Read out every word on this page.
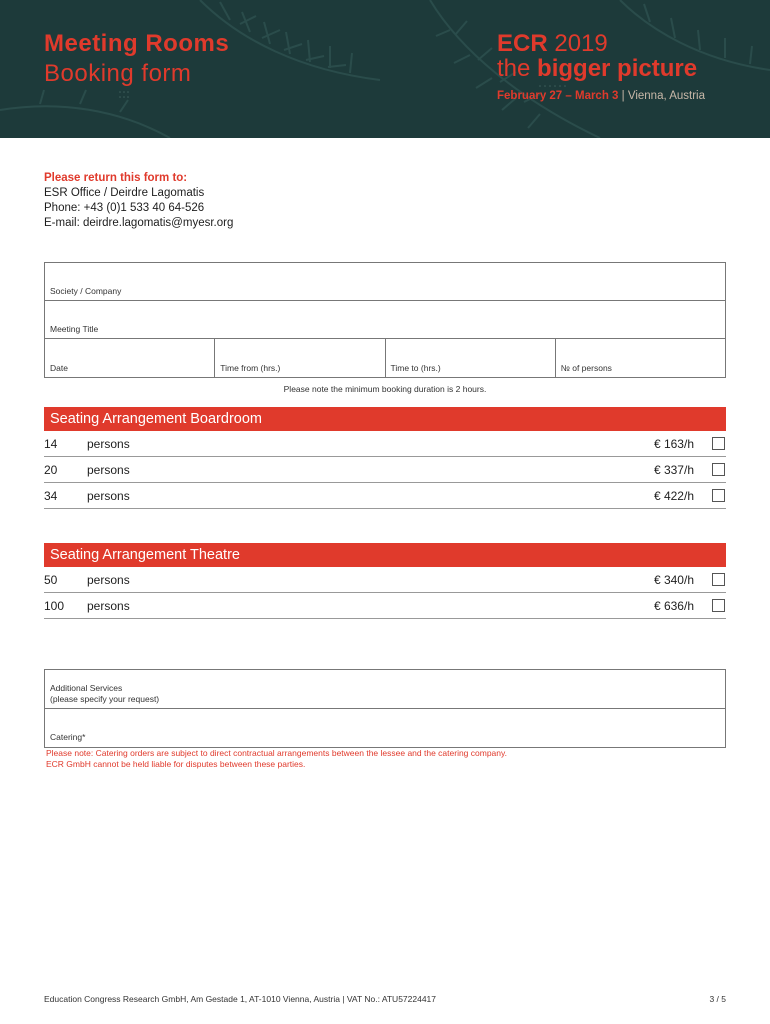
Meeting Rooms
Booking form
ECR 2019
the bigger picture
February 27 – March 3 | Vienna, Austria
Please return this form to:
ESR Office / Deirdre Lagomatis
Phone: +43 (0)1 533 40 64-526
E-mail: deirdre.lagomatis@myesr.org
Society / Company
Meeting Title
Date	Time from (hrs.)	Time to (hrs.)	№ of persons
Please note the minimum booking duration is 2 hours.
Seating Arrangement Boardroom
14 persons	€ 163/h
20 persons	€ 337/h
34 persons	€ 422/h
Seating Arrangement Theatre
50 persons	€ 340/h
100 persons	€ 636/h
Additional Services
(please specify your request)
Catering*
Please note: Catering orders are subject to direct contractual arrangements between the lessee and the catering company.
ECR GmbH cannot be held liable for disputes between these parties.
Education Congress Research GmbH, Am Gestade 1, AT-1010 Vienna, Austria | VAT No.: ATU57224417	3 / 5
